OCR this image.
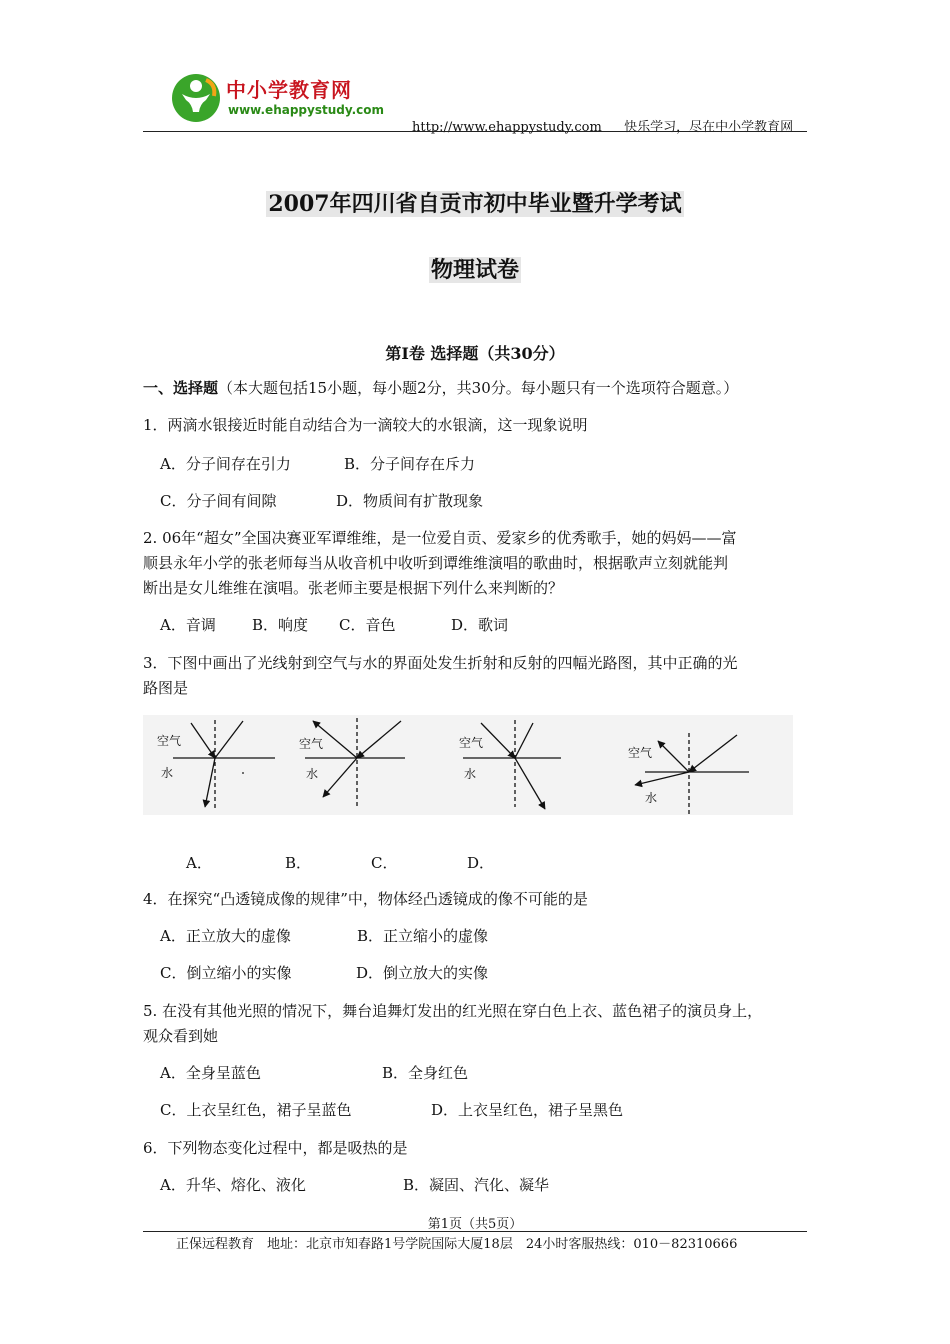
中小学教育网
www.ehappystudy.com
http://www.ehappystudy.com 快乐学习，尽在中小学教育网
2007年四川省自贡市初中毕业暨升学考试
物理试卷
第Ⅰ卷 选择题（共30分）
一、选择题（本大题包括15小题，每小题2分，共30分。每小题只有一个选项符合题意。）
1．两滴水银接近时能自动结合为一滴较大的水银滴，这一现象说明
A．分子间存在引力	B．分子间存在斥力
C．分子间有间隙	D．物质间有扩散现象
2. 06年“超女”全国决赛亚军谭维维，是一位爱自贡、爱家乡的优秀歌手，她的妈妈——富
顺县永年小学的张老师每当从收音机中收听到谭维维演唱的歌曲时，根据歌声立刻就能判
断出是女儿维维在演唱。张老师主要是根据下列什么来判断的？
A．音调 B．响度 C．音色	D．歌词
3．下图中画出了光线射到空气与水的界面处发生折射和反射的四幅光路图，其中正确的光
路图是
空气
水
空气
水
空气
水
空气
水
A．	B．	C．	D．
4．在探究“凸透镜成像的规律”中，物体经凸透镜成的像不可能的是
A．正立放大的虚像	B．正立缩小的虚像
C．倒立缩小的实像	D．倒立放大的实像
5. 在没有其他光照的情况下，舞台追舞灯发出的红光照在穿白色上衣、蓝色裙子的演员身上，
观众看到她
A．全身呈蓝色	B．全身红色
C．上衣呈红色，裙子呈蓝色	D．上衣呈红色，裙子呈黑色
6．下列物态变化过程中，都是吸热的是
A．升华、熔化、液化	B．凝固、汽化、凝华
第1页（共5页）
正保远程教育　地址：北京市知春路1号学院国际大厦18层　24小时客服热线：010－82310666
